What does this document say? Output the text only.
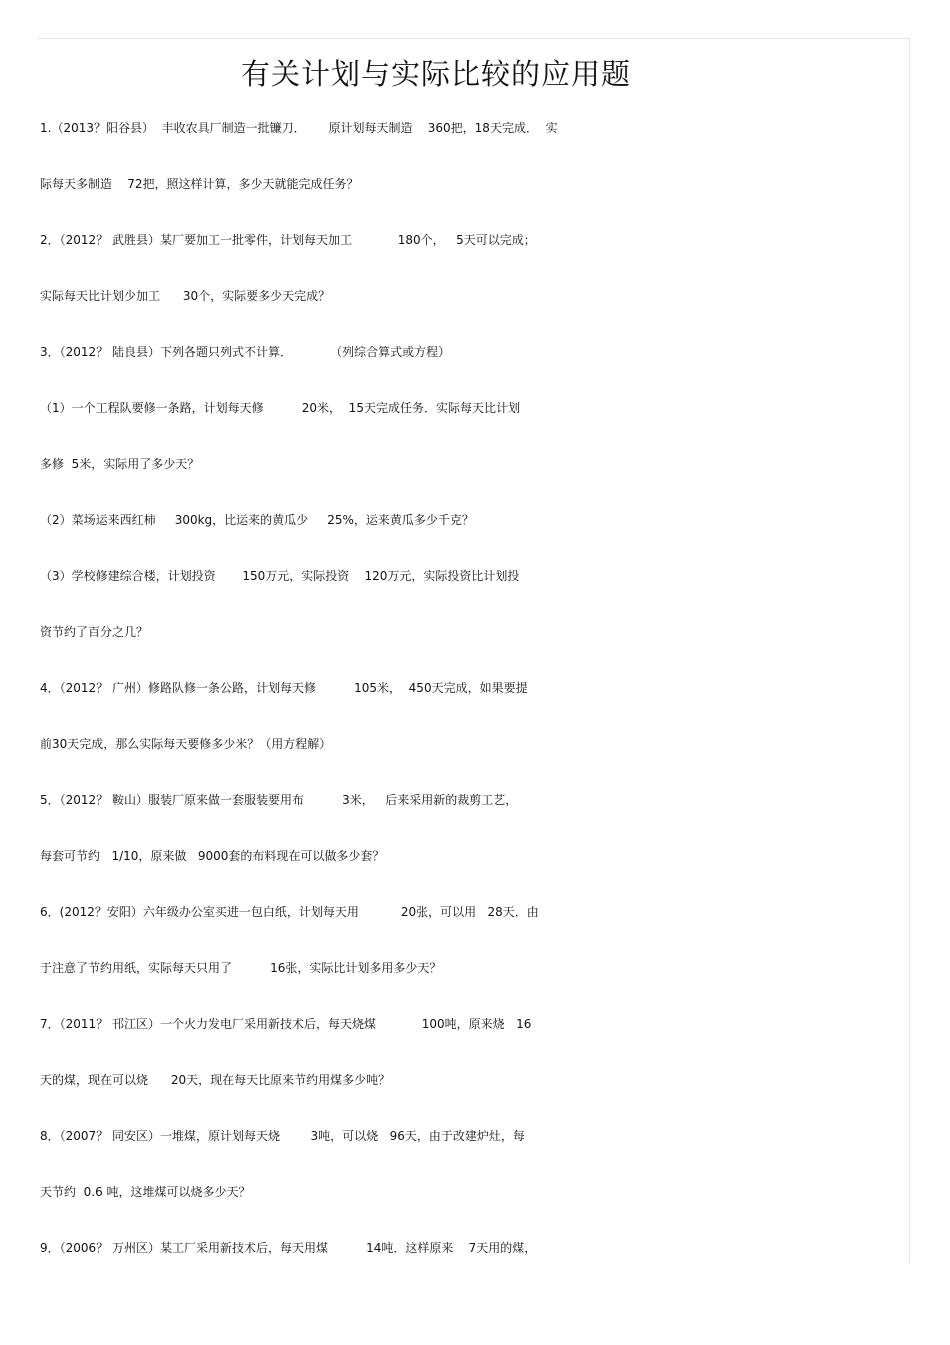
有关计划与实际比较的应用题
1.（2013？阳谷县）  丰收农具厂制造一批镰刀．      原计划每天制造    360把，18天完成．  实
际每天多制造    72把，照这样计算，多少天就能完成任务？
2．（2012？ 武胜县）某厂要加工一批零件，计划每天加工            180个，   5天可以完成；
实际每天比计划少加工      30个，实际要多少天完成？
3．（2012？ 陆良县）下列各题只列式不计算．          （列综合算式或方程）
（1）一个工程队要修一条路，计划每天修          20米，  15天完成任务．实际每天比计划
多修  5米，实际用了多少天？
（2）菜场运来西红柿     300kg，比运来的黄瓜少     25%，运来黄瓜多少千克？
（3）学校修建综合楼，计划投资       150万元，实际投资    120万元，实际投资比计划投
资节约了百分之几？
4．（2012？ 广州）修路队修一条公路，计划每天修          105米，  450天完成，如果要提
前30天完成，那么实际每天要修多少米？（用方程解）
5．（2012？ 鞍山）服装厂原来做一套服装要用布          3米，   后来采用新的裁剪工艺，
每套可节约   1/10，原来做   9000套的布料现在可以做多少套？
6．(2012？安阳）六年级办公室买进一包白纸，计划每天用           20张，可以用   28天．由
于注意了节约用纸，实际每天只用了          16张，实际比计划多用多少天？
7．（2011？ 邗江区）一个火力发电厂采用新技术后，每天烧煤            100吨，原来烧   16
天的煤，现在可以烧      20天，现在每天比原来节约用煤多少吨？
8．（2007？ 同安区）一堆煤，原计划每天烧        3吨，可以烧   96天，由于改建炉灶，每
天节约  0.6 吨，这堆煤可以烧多少天？
9．（2006？ 万州区）某工厂采用新技术后，每天用煤          14吨．这样原来    7天用的煤，
